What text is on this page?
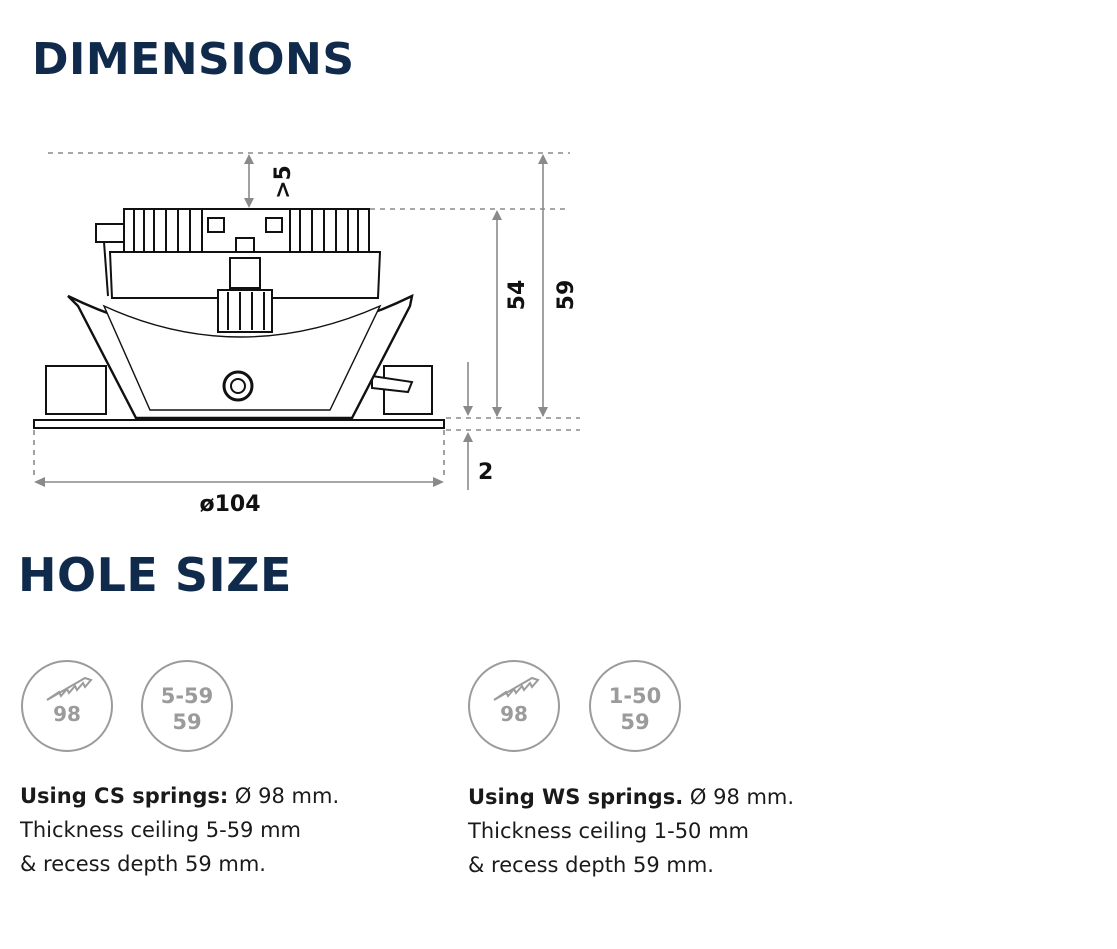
DIMENSIONS
>5
54 59
2
ø104
HOLE SIZE
98
5-59
59	98
1-50
59

Using CS springs: Ø 98 mm.
Thickness ceiling 5-59 mm
& recess depth 59 mm.

Using WS springs. Ø 98 mm.
Thickness ceiling 1-50 mm
& recess depth 59 mm.
